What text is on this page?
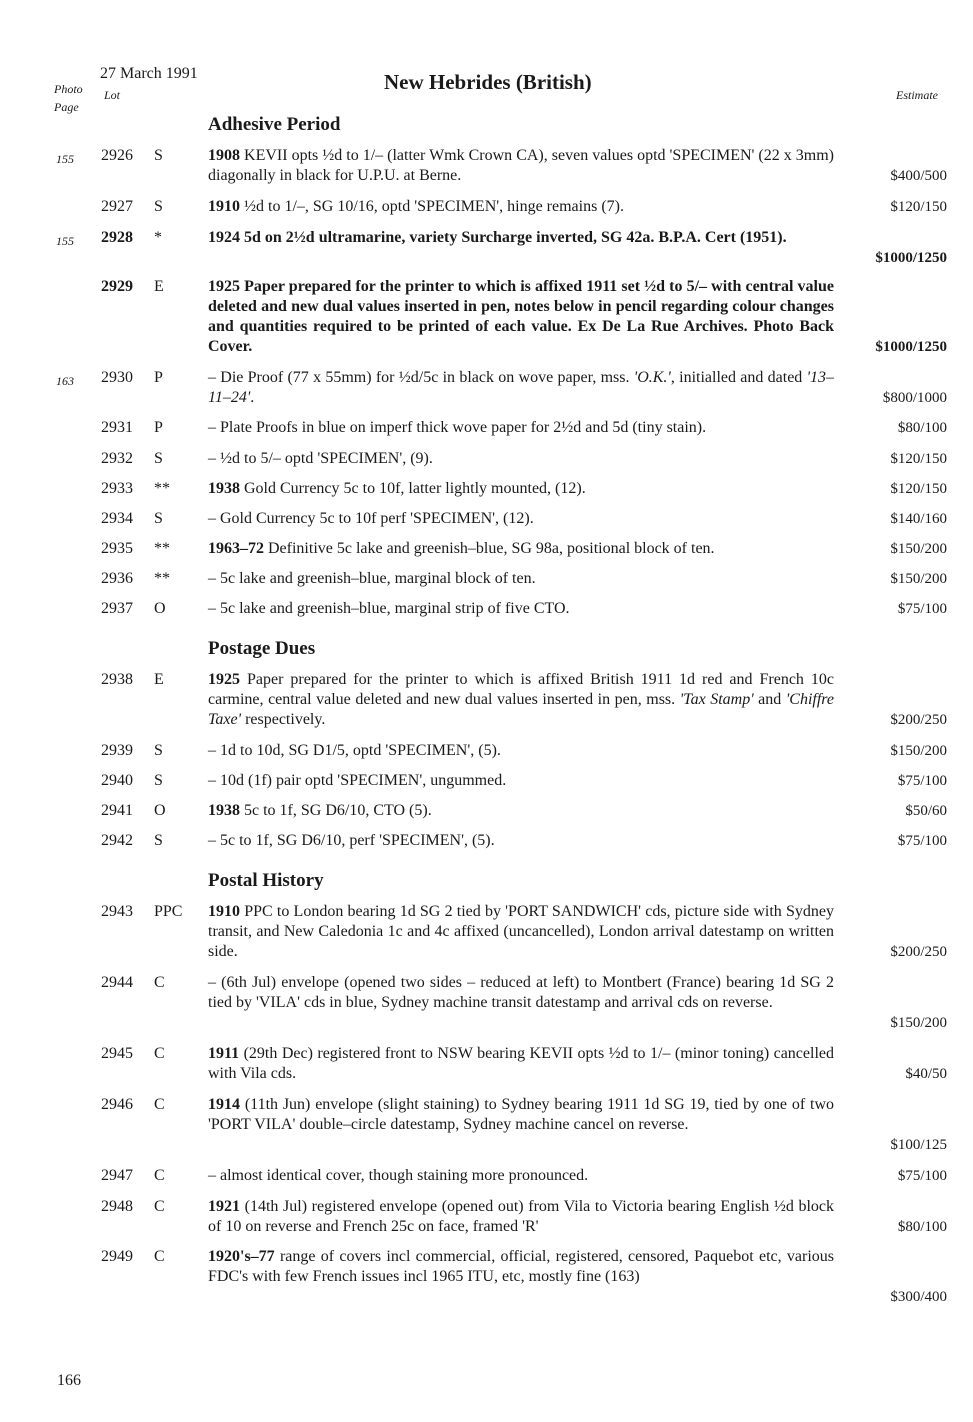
Photo
Page
27 March 1991
Lot
New Hebrides (British)
Estimate
Adhesive Period
155 2926 S	1908 KEVII opts ½d to 1/– (latter Wmk Crown CA), seven values optd 'SPECIMEN' (22 x 3mm) diagonally in black for U.P.U. at Berne.	$400/500
2927 S	1910 ½d to 1/–, SG 10/16, optd 'SPECIMEN', hinge remains (7).	$120/150
155 2928 *	1924 5d on 2½d ultramarine, variety Surcharge inverted, SG 42a. B.P.A. Cert (1951).
$1000/1250
2929 E	1925 Paper prepared for the printer to which is affixed 1911 set ½d to 5/– with central value deleted and new dual values inserted in pen, notes below in pencil regarding colour changes and quantities required to be printed of each value. Ex De La Rue Archives. Photo Back Cover.	$1000/1250
163 2930 P	– Die Proof (77 x 55mm) for ½d/5c in black on wove paper, mss. 'O.K.', initialled and dated '13–11–24'.	$800/1000
2931 P	– Plate Proofs in blue on imperf thick wove paper for 2½d and 5d (tiny stain).	$80/100
2932 S	– ½d to 5/– optd 'SPECIMEN', (9).	$120/150
2933 ** 1938 Gold Currency 5c to 10f, latter lightly mounted, (12).	$120/150
2934 S	– Gold Currency 5c to 10f perf 'SPECIMEN', (12).	$140/160
2935 ** 1963–72 Definitive 5c lake and greenish–blue, SG 98a, positional block of ten.	$150/200
2936 ** – 5c lake and greenish–blue, marginal block of ten.	$150/200
2937 O	– 5c lake and greenish–blue, marginal strip of five CTO.	$75/100
Postage Dues
2938 E	1925 Paper prepared for the printer to which is affixed British 1911 1d red and French 10c carmine, central value deleted and new dual values inserted in pen, mss. 'Tax Stamp' and 'Chiffre Taxe' respectively.	$200/250
2939 S	– 1d to 10d, SG D1/5, optd 'SPECIMEN', (5).	$150/200
2940 S	– 10d (1f) pair optd 'SPECIMEN', ungummed.	$75/100
2941 O	1938 5c to 1f, SG D6/10, CTO (5).	$50/60
2942 S	– 5c to 1f, SG D6/10, perf 'SPECIMEN', (5).	$75/100
Postal History
2943 PPC 1910 PPC to London bearing 1d SG 2 tied by 'PORT SANDWICH' cds, picture side with Sydney transit, and New Caledonia 1c and 4c affixed (uncancelled), London arrival datestamp on written side.	$200/250
2944 C	– (6th Jul) envelope (opened two sides – reduced at left) to Montbert (France) bearing 1d SG 2 tied by 'VILA' cds in blue, Sydney machine transit datestamp and arrival cds on reverse.
$150/200
2945 C	1911 (29th Dec) registered front to NSW bearing KEVII opts ½d to 1/– (minor toning) cancelled with Vila cds.	$40/50
2946 C	1914 (11th Jun) envelope (slight staining) to Sydney bearing 1911 1d SG 19, tied by one of two 'PORT VILA' double–circle datestamp, Sydney machine cancel on reverse.
$100/125
2947 C	– almost identical cover, though staining more pronounced.	$75/100
2948 C	1921 (14th Jul) registered envelope (opened out) from Vila to Victoria bearing English ½d block of 10 on reverse and French 25c on face, framed 'R'	$80/100
2949 C	1920's–77 range of covers incl commercial, official, registered, censored, Paquebot etc, various FDC's with few French issues incl 1965 ITU, etc, mostly fine (163)
$300/400
166
